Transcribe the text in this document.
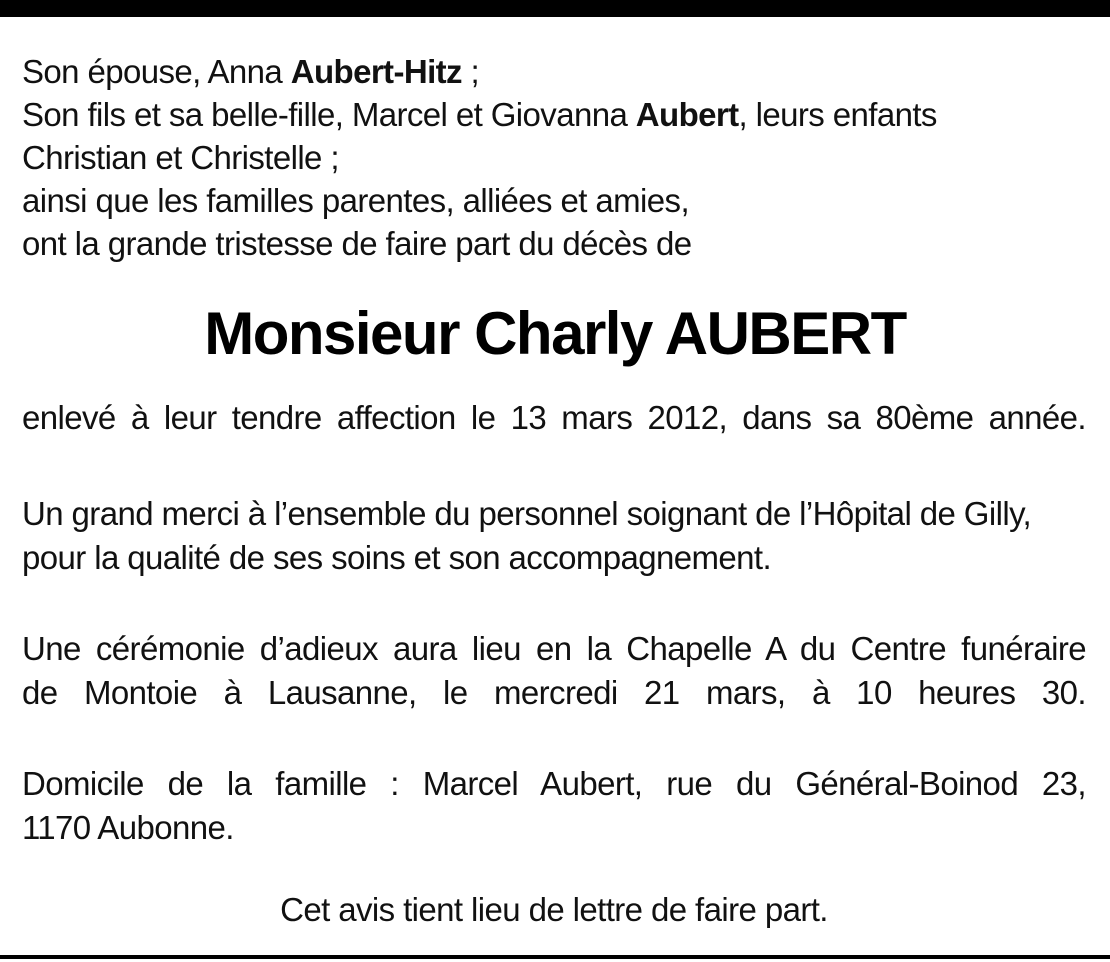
Son épouse, Anna Aubert-Hitz ;
Son fils et sa belle-fille, Marcel et Giovanna Aubert, leurs enfants
Christian et Christelle ;
ainsi que les familles parentes, alliées et amies,
ont la grande tristesse de faire part du décès de
Monsieur Charly AUBERT
enlevé à leur tendre affection le 13 mars 2012, dans sa 80ème année.
Un grand merci à l’ensemble du personnel soignant de l’Hôpital de Gilly,
pour la qualité de ses soins et son accompagnement.
Une cérémonie d’adieux aura lieu en la Chapelle A du Centre funéraire
de Montoie à Lausanne, le mercredi 21 mars, à 10 heures 30.
Domicile de la famille : Marcel Aubert, rue du Général-Boinod 23,
1170 Aubonne.
Cet avis tient lieu de lettre de faire part.
